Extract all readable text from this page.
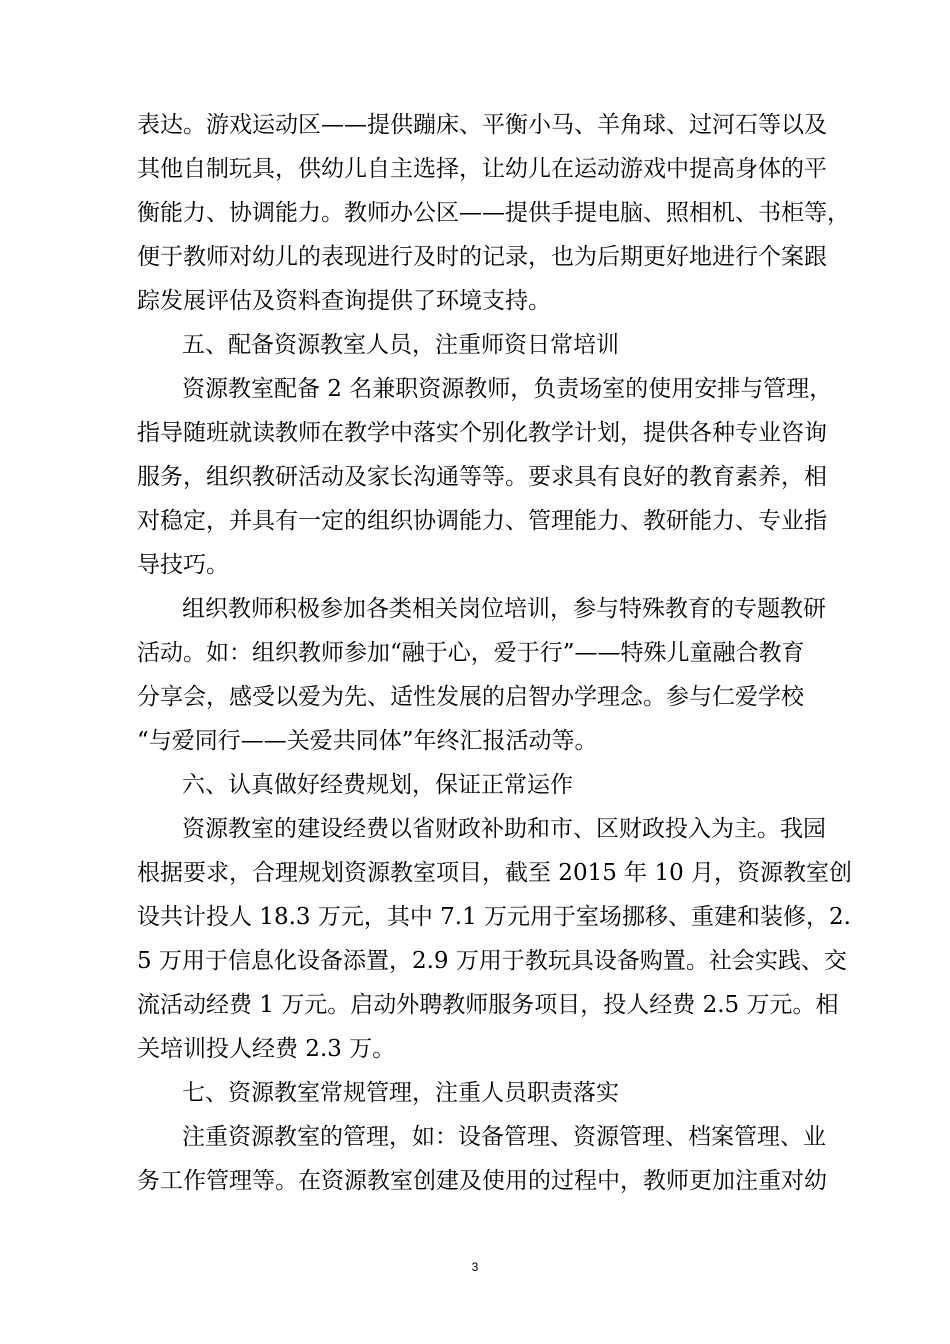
表达。游戏运动区——提供蹦床、平衡小马、羊角球、过河石等以及
其他自制玩具，供幼儿自主选择，让幼儿在运动游戏中提高身体的平
衡能力、协调能力。教师办公区——提供手提电脑、照相机、书柜等，
便于教师对幼儿的表现进行及时的记录，也为后期更好地进行个案跟
踪发展评估及资料查询提供了环境支持。
五、配备资源教室人员，注重师资日常培训
资源教室配备 2 名兼职资源教师，负责场室的使用安排与管理，
指导随班就读教师在教学中落实个别化教学计划，提供各种专业咨询
服务，组织教研活动及家长沟通等等。要求具有良好的教育素养，相
对稳定，并具有一定的组织协调能力、管理能力、教研能力、专业指
导技巧。
组织教师积极参加各类相关岗位培训，参与特殊教育的专题教研
活动。如：组织教师参加“融于心，爱于行”——特殊儿童融合教育
分享会，感受以爱为先、适性发展的启智办学理念。参与仁爱学校
“与爱同行——关爱共同体”年终汇报活动等。
六、认真做好经费规划，保证正常运作
资源教室的建设经费以省财政补助和市、区财政投入为主。我园
根据要求，合理规划资源教室项目，截至 2015 年 10 月，资源教室创
设共计投人 18.3 万元，其中 7.1 万元用于室场挪移、重建和装修，2.
5 万用于信息化设备添置，2.9 万用于教玩具设备购置。社会实践、交
流活动经费 1 万元。启动外聘教师服务项目，投人经费 2.5 万元。相
关培训投人经费 2.3 万。
七、资源教室常规管理，注重人员职责落实
注重资源教室的管理，如：设备管理、资源管理、档案管理、业
务工作管理等。在资源教室创建及使用的过程中，教师更加注重对幼
3
